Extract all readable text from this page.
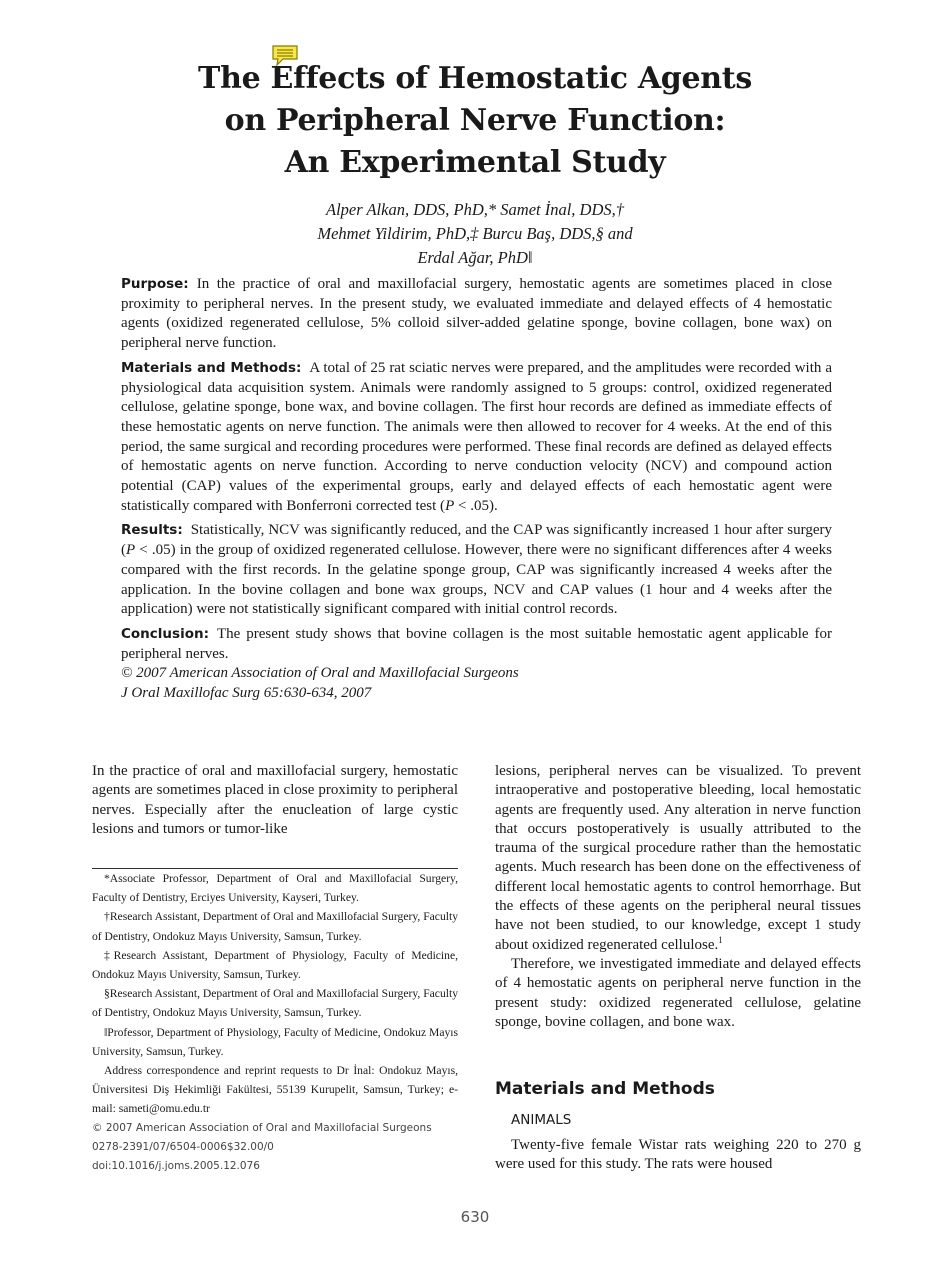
The Effects of Hemostatic Agents
on Peripheral Nerve Function:
An Experimental Study
Alper Alkan, DDS, PhD,* Samet İnal, DDS,†
Mehmet Yildirim, PhD,‡ Burcu Baş, DDS,§ and
Erdal Ağar, PhD‖

Purpose: In the practice of oral and maxillofacial surgery, hemostatic agents are sometimes placed in close proximity to peripheral nerves. In the present study, we evaluated immediate and delayed effects of 4 hemostatic agents (oxidized regenerated cellulose, 5% colloid silver-added gelatine sponge, bovine collagen, bone wax) on peripheral nerve function.

Materials and Methods: A total of 25 rat sciatic nerves were prepared, and the amplitudes were recorded with a physiological data acquisition system. Animals were randomly assigned to 5 groups: control, oxidized regenerated cellulose, gelatine sponge, bone wax, and bovine collagen. The first hour records are defined as immediate effects of these hemostatic agents on nerve function. The animals were then allowed to recover for 4 weeks. At the end of this period, the same surgical and recording procedures were performed. These final records are defined as delayed effects of hemostatic agents on nerve function. According to nerve conduction velocity (NCV) and compound action potential (CAP) values of the experimental groups, early and delayed effects of each hemostatic agent were statistically compared with Bonferroni corrected test (P < .05).

Results: Statistically, NCV was significantly reduced, and the CAP was significantly increased 1 hour after surgery (P < .05) in the group of oxidized regenerated cellulose. However, there were no significant differences after 4 weeks compared with the first records. In the gelatine sponge group, CAP was significantly increased 4 weeks after the application. In the bovine collagen and bone wax groups, NCV and CAP values (1 hour and 4 weeks after the application) were not statistically significant compared with initial control records.

Conclusion: The present study shows that bovine collagen is the most suitable hemostatic agent applicable for peripheral nerves.

© 2007 American Association of Oral and Maxillofacial Surgeons

J Oral Maxillofac Surg 65:630-634, 2007

In the practice of oral and maxillofacial surgery, hemostatic agents are sometimes placed in close proximity to peripheral nerves. Especially after the enucleation of large cystic lesions and tumors or tumor-like

*Associate Professor, Department of Oral and Maxillofacial Surgery, Faculty of Dentistry, Erciyes University, Kayseri, Turkey.

†Research Assistant, Department of Oral and Maxillofacial Surgery, Faculty of Dentistry, Ondokuz Mayıs University, Samsun, Turkey.

‡Research Assistant, Department of Physiology, Faculty of Medicine, Ondokuz Mayıs University, Samsun, Turkey.

§Research Assistant, Department of Oral and Maxillofacial Surgery, Faculty of Dentistry, Ondokuz Mayıs University, Samsun, Turkey.

‖Professor, Department of Physiology, Faculty of Medicine, Ondokuz Mayıs University, Samsun, Turkey.

Address correspondence and reprint requests to Dr İnal: Ondokuz Mayıs, Üniversitesi Diş Hekimliği Fakültesi, 55139 Kurupelit, Samsun, Turkey; e-mail: sameti@omu.edu.tr

© 2007 American Association of Oral and Maxillofacial Surgeons
0278-2391/07/6504-0006$32.00/0
doi:10.1016/j.joms.2005.12.076

lesions, peripheral nerves can be visualized. To prevent intraoperative and postoperative bleeding, local hemostatic agents are frequently used. Any alteration in nerve function that occurs postoperatively is usually attributed to the trauma of the surgical procedure rather than the hemostatic agents. Much research has been done on the effectiveness of different local hemostatic agents to control hemorrhage. But the effects of these agents on the peripheral neural tissues have not been studied, to our knowledge, except 1 study about oxidized regenerated cellulose.$^1$

Therefore, we investigated immediate and delayed effects of 4 hemostatic agents on peripheral nerve function in the present study: oxidized regenerated cellulose, gelatine sponge, bovine collagen, and bone wax.

Materials and Methods
ANIMALS

Twenty-five female Wistar rats weighing 220 to 270 g were used for this study. The rats were housed

630
